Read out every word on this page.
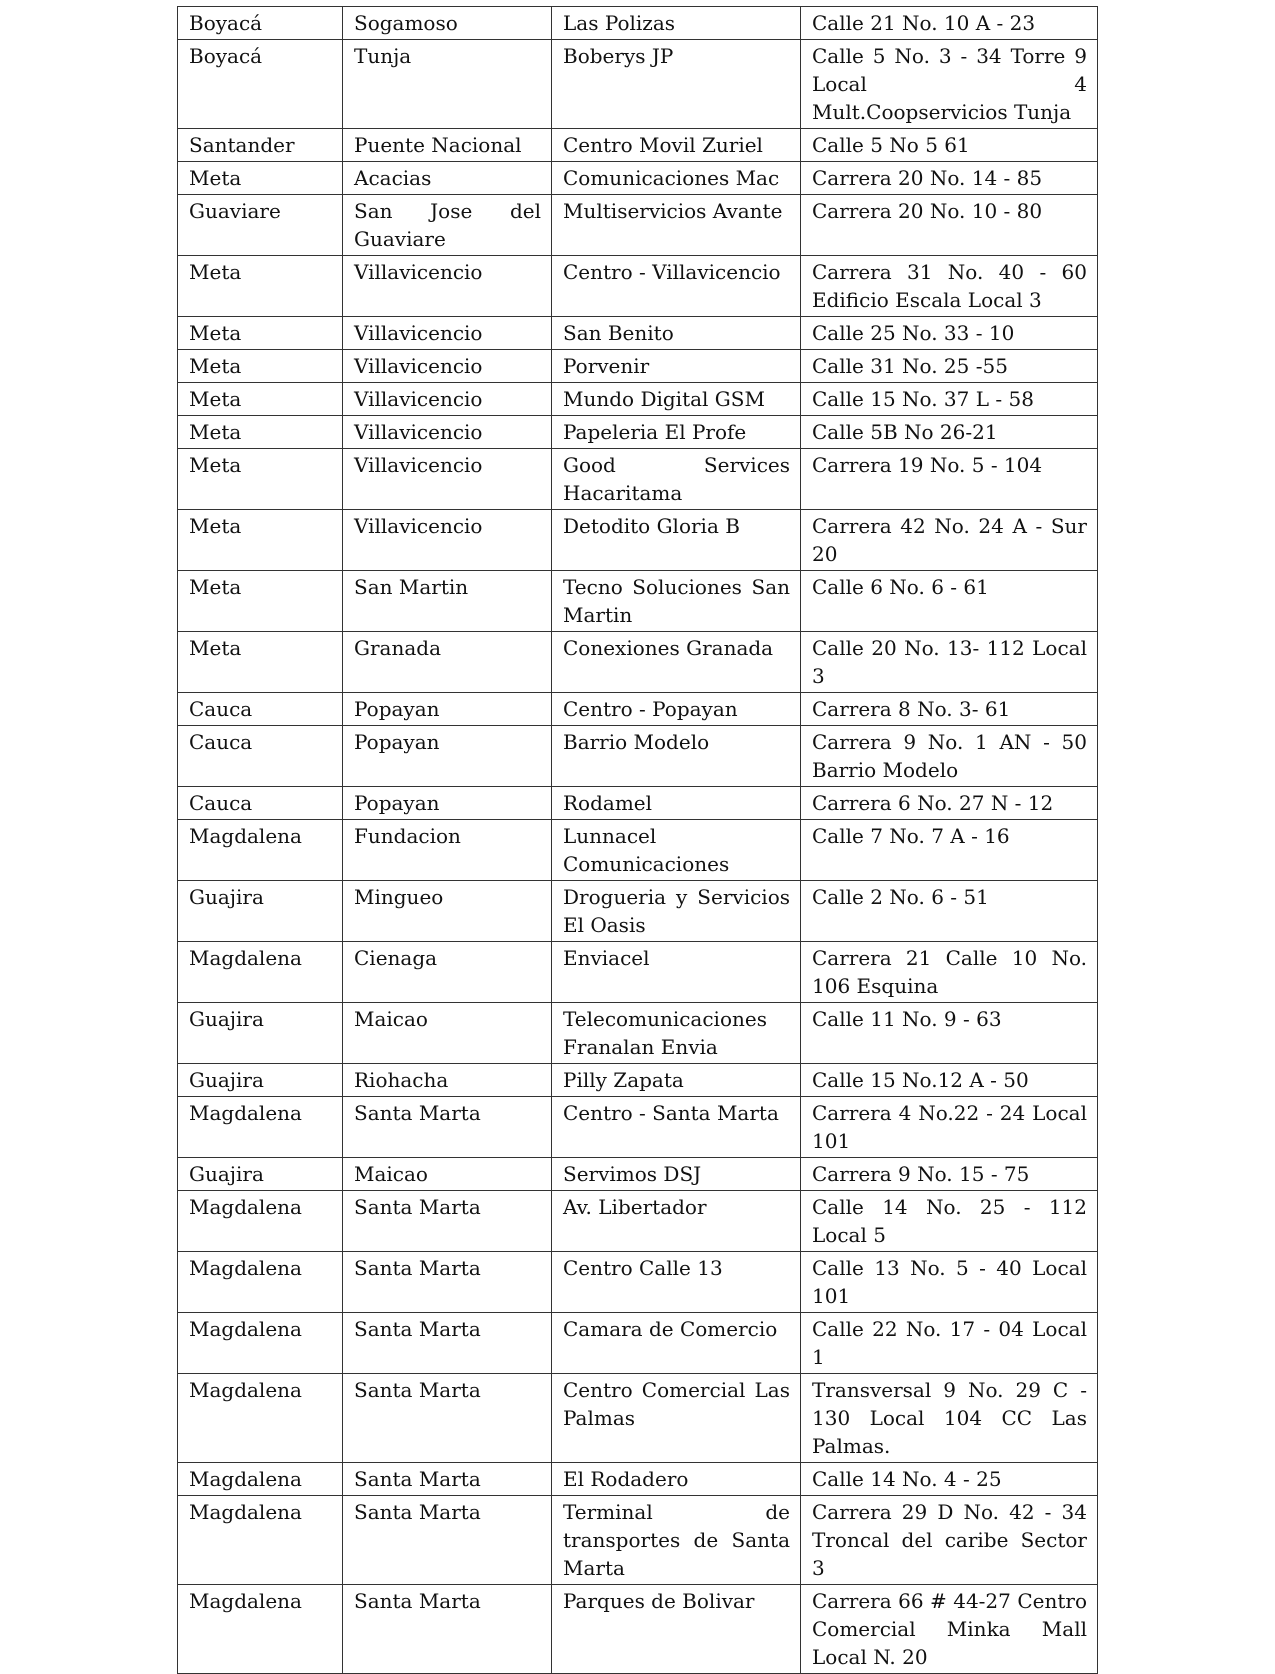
Boyacá	Sogamoso	Las Polizas	Calle 21 No. 10 A - 23
Boyacá	Tunja	Boberys JP	Calle 5 No. 3 - 34 Torre 9 Local 4 Mult.Coopservicios Tunja
Santander	Puente Nacional	Centro Movil Zuriel	Calle 5 No 5 61
Meta	Acacias	Comunicaciones Mac	Carrera 20 No. 14 - 85
Guaviare	San Jose del Guaviare	Multiservicios Avante	Carrera 20 No. 10 - 80
Meta	Villavicencio	Centro - Villavicencio	Carrera 31 No. 40 - 60 Edificio Escala Local 3
Meta	Villavicencio	San Benito	Calle 25 No. 33 - 10
Meta	Villavicencio	Porvenir	Calle 31 No. 25 -55
Meta	Villavicencio	Mundo Digital GSM	Calle 15 No. 37 L - 58
Meta	Villavicencio	Papeleria El Profe	Calle 5B No 26-21
Meta	Villavicencio	Good Services Hacaritama	Carrera 19 No. 5 - 104
Meta	Villavicencio	Detodito Gloria B	Carrera 42 No. 24 A - Sur 20
Meta	San Martin	Tecno Soluciones San Martin	Calle 6 No. 6 - 61
Meta	Granada	Conexiones Granada	Calle 20 No. 13- 112 Local 3
Cauca	Popayan	Centro - Popayan	Carrera 8 No. 3- 61
Cauca	Popayan	Barrio Modelo	Carrera 9 No. 1 AN - 50 Barrio Modelo
Cauca	Popayan	Rodamel	Carrera 6 No. 27 N - 12
Magdalena	Fundacion	Lunnacel Comunicaciones	Calle 7 No. 7 A - 16
Guajira	Mingueo	Drogueria y Servicios El Oasis	Calle 2 No. 6 - 51
Magdalena	Cienaga	Enviacel	Carrera 21 Calle 10 No. 106 Esquina
Guajira	Maicao	Telecomunicaciones Franalan Envia	Calle 11 No. 9 - 63
Guajira	Riohacha	Pilly Zapata	Calle 15 No.12 A - 50
Magdalena	Santa Marta	Centro - Santa Marta	Carrera 4 No.22 - 24 Local 101
Guajira	Maicao	Servimos DSJ	Carrera 9 No. 15 - 75
Magdalena	Santa Marta	Av. Libertador	Calle 14 No. 25 - 112 Local 5
Magdalena	Santa Marta	Centro Calle 13	Calle 13 No. 5 - 40 Local 101
Magdalena	Santa Marta	Camara de Comercio	Calle 22 No. 17 - 04 Local 1
Magdalena	Santa Marta	Centro Comercial Las Palmas	Transversal 9 No. 29 C - 130 Local 104 CC Las Palmas.
Magdalena	Santa Marta	El Rodadero	Calle 14 No. 4 - 25
Magdalena	Santa Marta	Terminal de transportes de Santa Marta	Carrera 29 D No. 42 - 34 Troncal del caribe Sector 3
Magdalena	Santa Marta	Parques de Bolivar	Carrera 66 # 44-27 Centro Comercial Minka Mall Local N. 20
